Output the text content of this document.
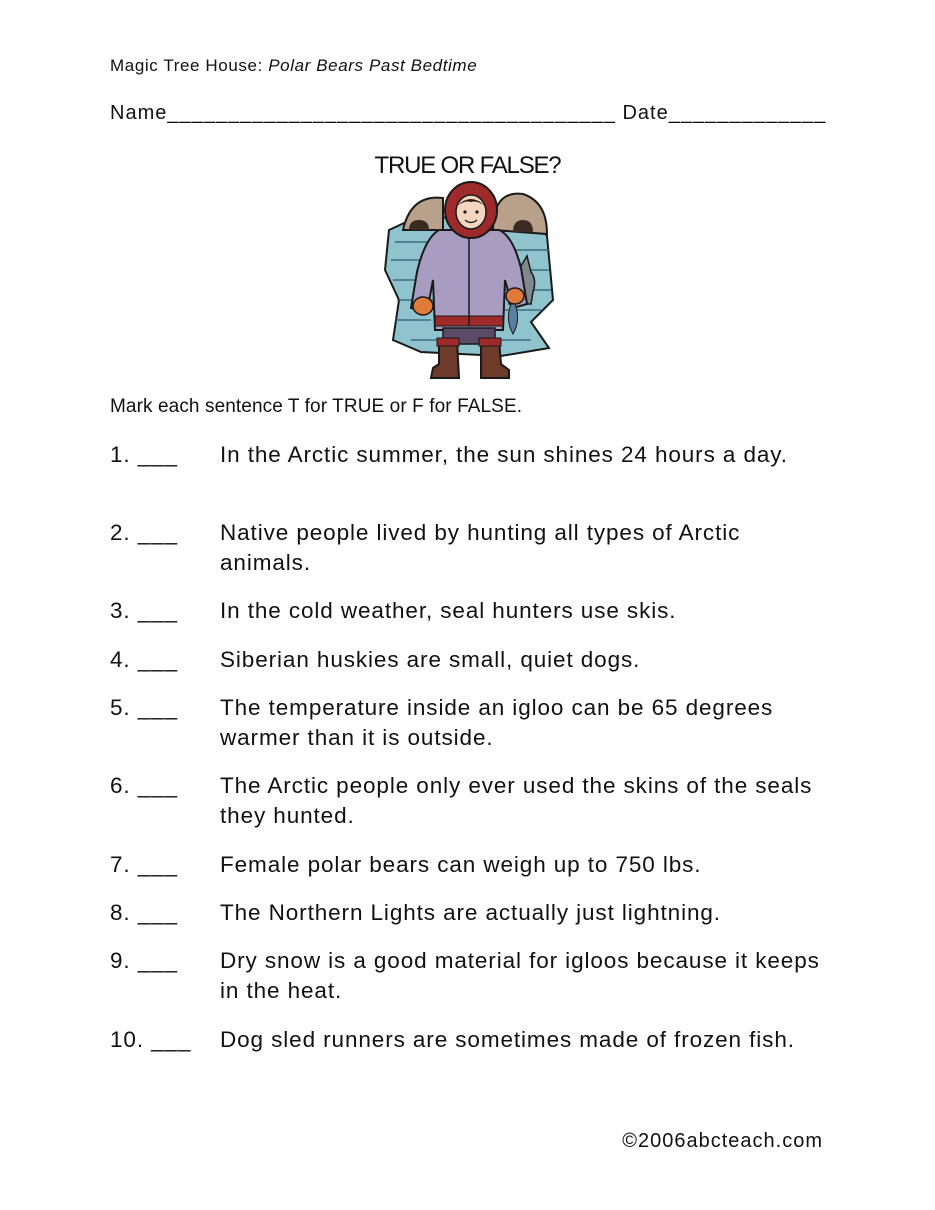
Magic Tree House: Polar Bears Past Bedtime
Name_____________________________________ Date_____________
TRUE OR FALSE?
Mark each sentence T for TRUE or F for FALSE.
1. ___ In the Arctic summer, the sun shines 24 hours a day.
2. ___ Native people lived by hunting all types of Arctic animals.
3. ___ In the cold weather, seal hunters use skis.
4. ___ Siberian huskies are small, quiet dogs.
5. ___ The temperature inside an igloo can be 65 degrees warmer than it is outside.
6. ___ The Arctic people only ever used the skins of the seals they hunted.
7. ___ Female polar bears can weigh up to 750 lbs.
8. ___ The Northern Lights are actually just lightning.
9. ___ Dry snow is a good material for igloos because it keeps in the heat.
10. ___ Dog sled runners are sometimes made of frozen fish.
©2006abcteach.com
